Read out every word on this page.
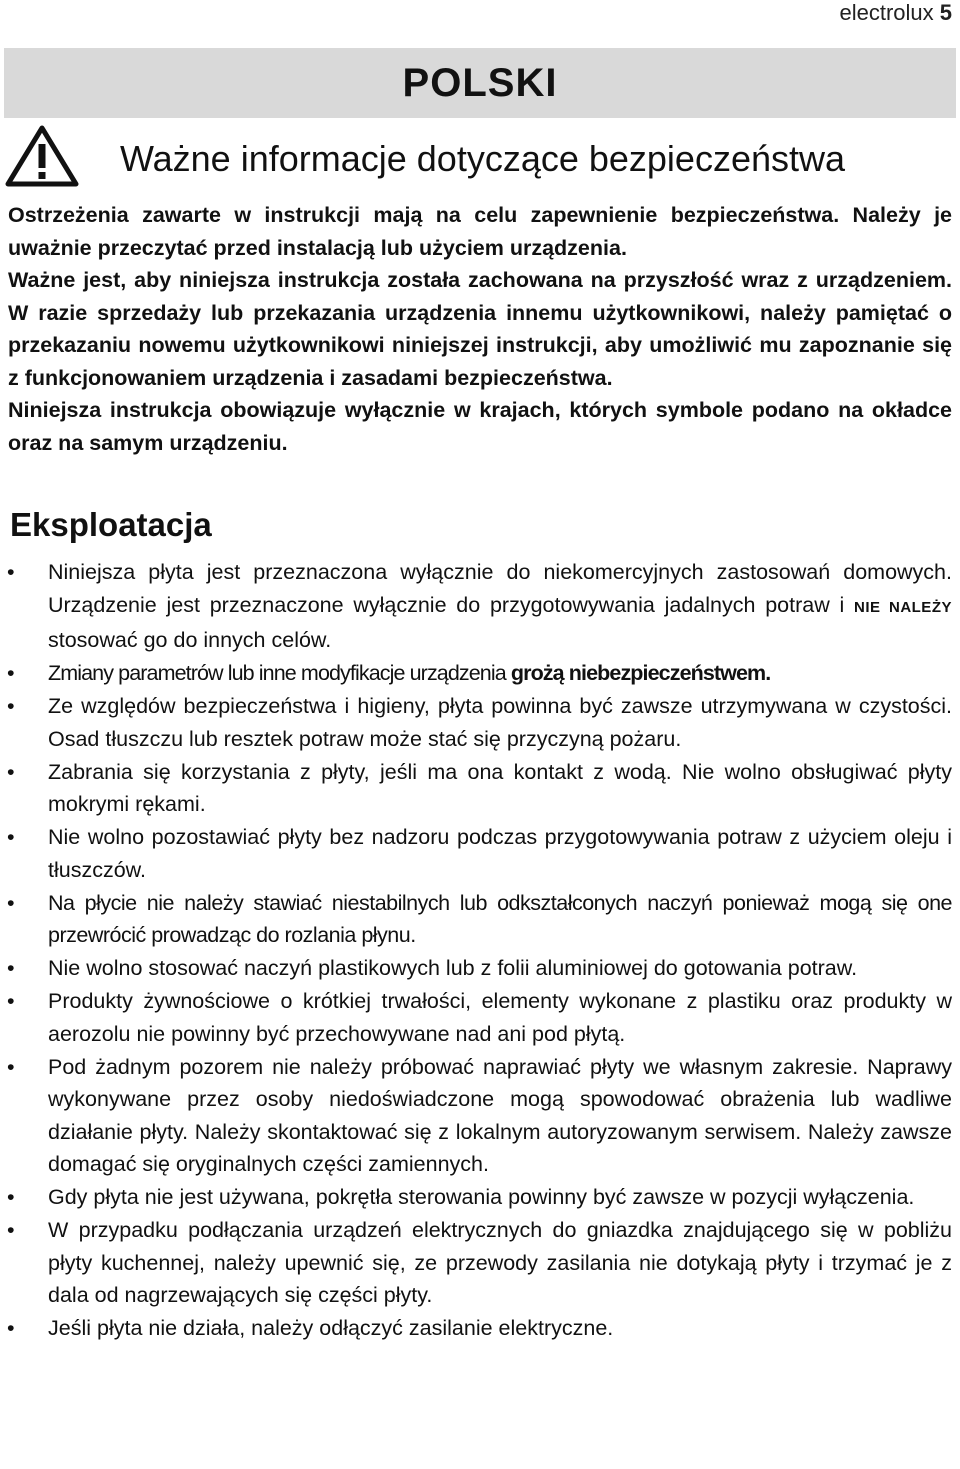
electrolux 5
POLSKI
Ważne informacje dotyczące bezpieczeństwa

Ostrzeżenia zawarte w instrukcji mają na celu zapewnienie bezpieczeństwa. Należy je uważnie przeczytać przed instalacją lub użyciem urządzenia.

Ważne jest, aby niniejsza instrukcja została zachowana na przyszłość wraz z urządzeniem. W razie sprzedaży lub przekazania urządzenia innemu użytkownikowi, należy pamiętać o przekazaniu nowemu użytkownikowi niniejszej instrukcji, aby umożliwić mu zapoznanie się z funkcjonowaniem urządzenia i zasadami bezpieczeństwa.

Niniejsza instrukcja obowiązuje wyłącznie w krajach, których symbole podano na okładce oraz na samym urządzeniu.

Eksploatacja
• Niniejsza płyta jest przeznaczona wyłącznie do niekomercyjnych zastosowań domowych. Urządzenie jest przeznaczone wyłącznie do przygotowywania jadalnych potraw i NIE NALEŻY stosować go do innych celów.
• Zmiany parametrów lub inne modyfikacje urządzenia grożą niebezpieczeństwem.
• Ze względów bezpieczeństwa i higieny, płyta powinna być zawsze utrzymywana w czystości. Osad tłuszczu lub resztek potraw może stać się przyczyną pożaru.
• Zabrania się korzystania z płyty, jeśli ma ona kontakt z wodą. Nie wolno obsługiwać płyty mokrymi rękami.
• Nie wolno pozostawiać płyty bez nadzoru podczas przygotowywania potraw z użyciem oleju i tłuszczów.
• Na płycie nie należy stawiać niestabilnych lub odkształconych naczyń ponieważ mogą się one przewrócić prowadząc do rozlania płynu.
• Nie wolno stosować naczyń plastikowych lub z folii aluminiowej do gotowania potraw.
• Produkty żywnościowe o krótkiej trwałości, elementy wykonane z plastiku oraz produkty w aerozolu nie powinny być przechowywane nad ani pod płytą.
• Pod żadnym pozorem nie należy próbować naprawiać płyty we własnym zakresie. Naprawy wykonywane przez osoby niedoświadczone mogą spowodować obrażenia lub wadliwe działanie płyty. Należy skontaktować się z lokalnym autoryzowanym serwisem. Należy zawsze domagać się oryginalnych części zamiennych.
• Gdy płyta nie jest używana, pokrętła sterowania powinny być zawsze w pozycji wyłączenia.
• W przypadku podłączania urządzeń elektrycznych do gniazdka znajdującego się w pobliżu płyty kuchennej, należy upewnić się, ze przewody zasilania nie dotykają płyty i trzymać je z dala od nagrzewających się części płyty.
• Jeśli płyta nie działa, należy odłączyć zasilanie elektryczne.
